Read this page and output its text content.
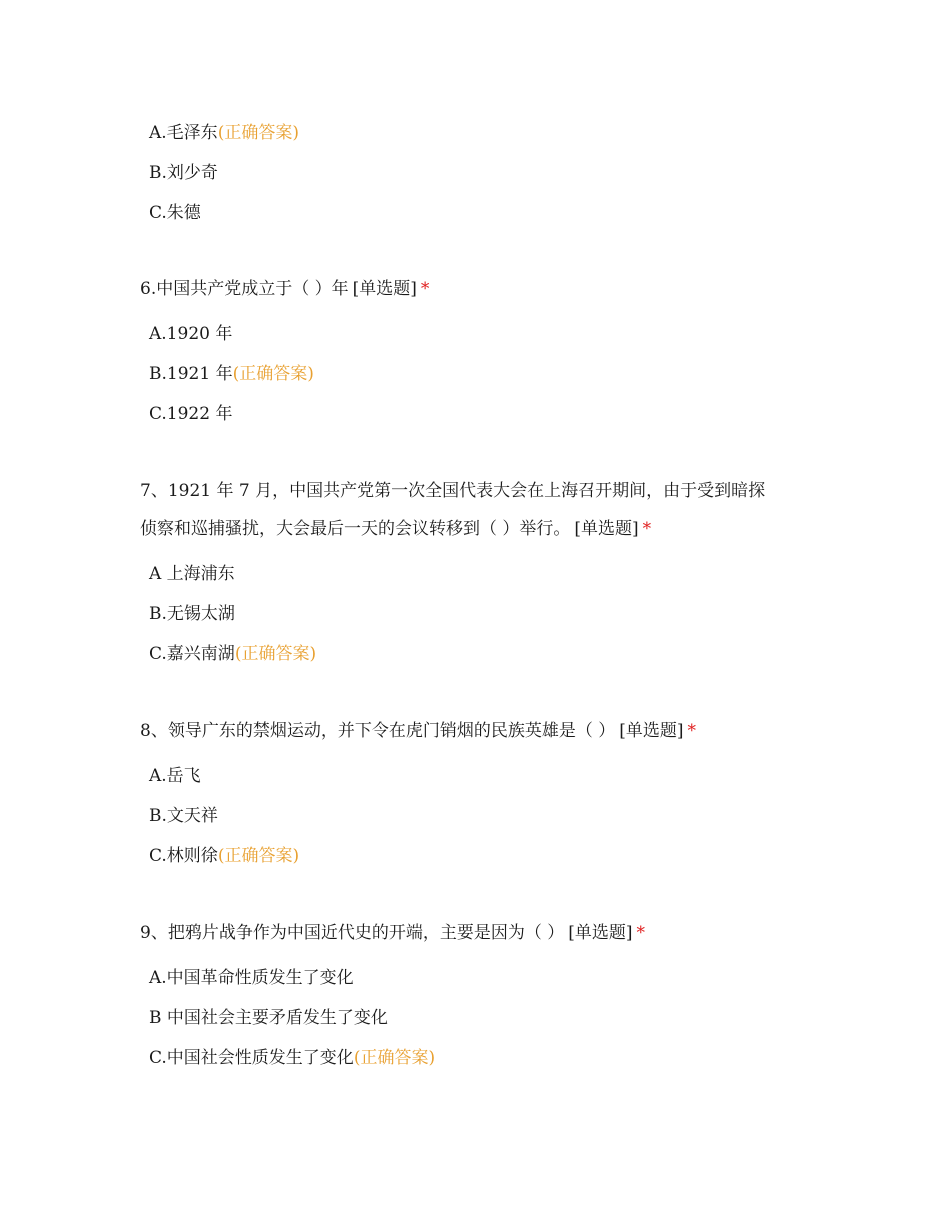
A.毛泽东(正确答案)
B.刘少奇
C.朱德

6.中国共产党成立于（ ）年 [单选题] *

A.1920 年
B.1921 年(正确答案)
C.1922 年

7、1921 年 7 月，中国共产党第一次全国代表大会在上海召开期间，由于受到暗探
侦察和巡捕骚扰，大会最后一天的会议转移到（ ）举行。 [单选题] *

A 上海浦东
B.无锡太湖
C.嘉兴南湖(正确答案)

8、领导广东的禁烟运动，并下令在虎门销烟的民族英雄是（ ） [单选题] *

A.岳飞
B.文天祥
C.林则徐(正确答案)

9、把鸦片战争作为中国近代史的开端，主要是因为（ ） [单选题] *

A.中国革命性质发生了变化
B 中国社会主要矛盾发生了变化
C.中国社会性质发生了变化(正确答案)
